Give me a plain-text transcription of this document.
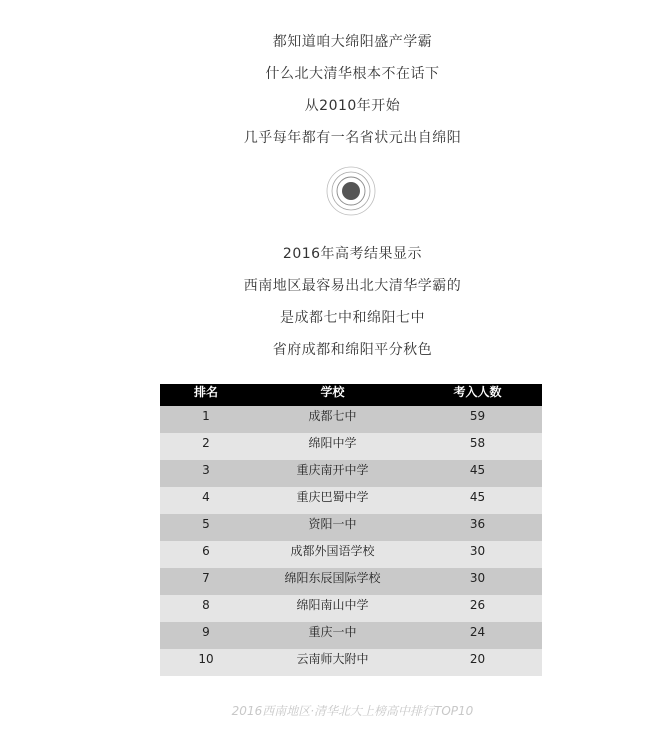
都知道咱大绵阳盛产学霸
什么北大清华根本不在话下
从2010年开始
几乎每年都有一名省状元出自绵阳
2016年高考结果显示
西南地区最容易出北大清华学霸的
是成都七中和绵阳七中
省府成都和绵阳平分秋色
排名	学校	考入人数
1	成都七中	59
2	绵阳中学	58
3	重庆南开中学	45
4	重庆巴蜀中学	45
5	资阳一中	36
6	成都外国语学校	30
7	绵阳东辰国际学校	30
8	绵阳南山中学	26
9	重庆一中	24
10	云南师大附中	20
2016西南地区·清华北大上榜高中排行TOP10
